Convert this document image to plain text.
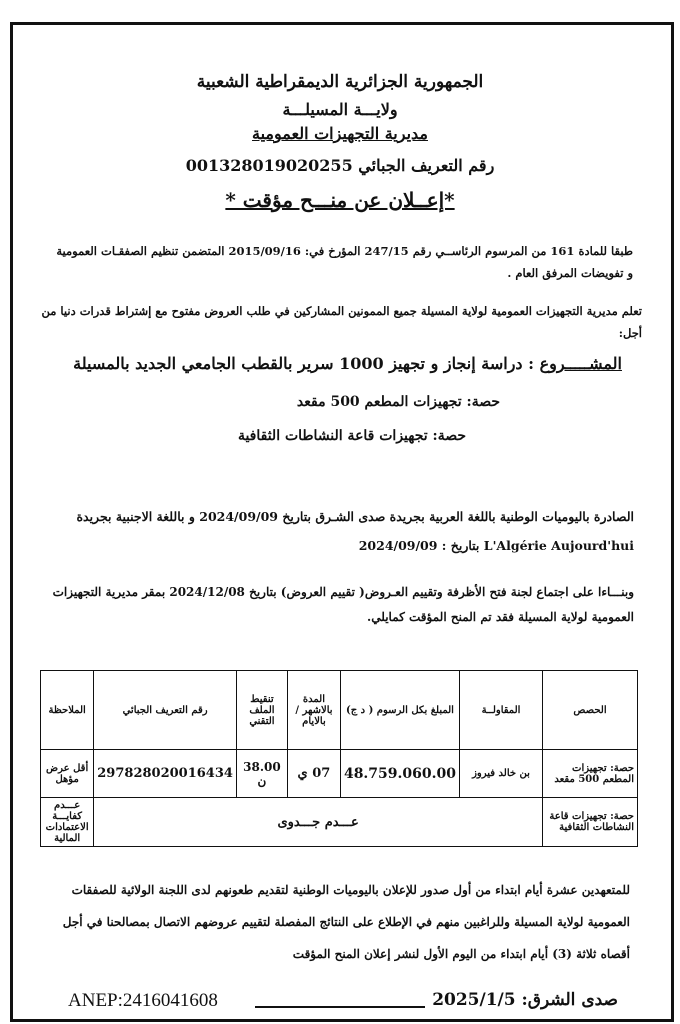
الجمهورية الجزائرية الديمقراطية الشعبية
ولايـــة المسيلـــة
مديرية التجهيزات العمومية
رقم التعريف الجبائي 001328019020255
*إعــلان عن منـــح مؤقت *
طبقا للمادة 161 من المرسوم الرئاســي رقم 247/15 المؤرخ في: 2015/09/16 المتضمن تنظيم الصفقـات العمومية و تفويضات المرفق العام .
تعلم مديرية التجهيزات العمومية لولاية المسيلة جميع الممونين المشاركين في طلب العروض مفتوح مع إشتراط قدرات دنيا من أجل:
المشـــــروع : دراسة إنجاز و تجهيز 1000 سرير بالقطب الجامعي الجديد بالمسيلة
حصة: تجهيزات المطعم 500 مقعد
حصة: تجهيزات قاعة النشاطات الثقافية
الصادرة باليوميات الوطنية باللغة العربية بجريدة صدى الشـرق بتاريخ 2024/09/09 و باللغة الاجنبية بجريدة
L'Algérie Aujourd'hui بتاريخ : 2024/09/09
وبنـــاءا على اجتماع لجنة فتح الأظرفة وتقييم العـروض( تقييم العروض) بتاريخ 2024/12/08 بمقر مديرية التجهيزات العمومية لولاية المسيلة فقد تم المنح المؤقت كمايلي.
الحصص	المقاولــة	المبلغ بكل الرسوم ( د ج)	المدة بالاشهر / بالايام	تنقيط الملف التقني	رقم التعريف الجبائي	الملاحظة
حصة: تجهيزات المطعم 500 مقعد	بن خالد فيروز	48.759.060.00	07 ي	38.00 ن	297828020016434	أقل عرض مؤهل
حصة: تجهيزات قاعة النشاطات الثقافية	عـــدم جـــدوى					عـــدم كفايـــة الاعتمادات المالية
للمتعهدين عشرة أيام ابتداء من أول صدور للإعلان باليوميات الوطنية لتقديم طعونهم لدى اللجنة الولائية للصفقات العمومية لولاية المسيلة وللراغبين منهم في الإطلاع على النتائج المفصلة لتقييم عروضهم الاتصال بمصالحنا في أجل أقصاه ثلاثة (3) أيام ابتداء من اليوم الأول لنشر إعلان المنح المؤقت
ANEP:2416041608	صدى الشرق: 2025/1/5
